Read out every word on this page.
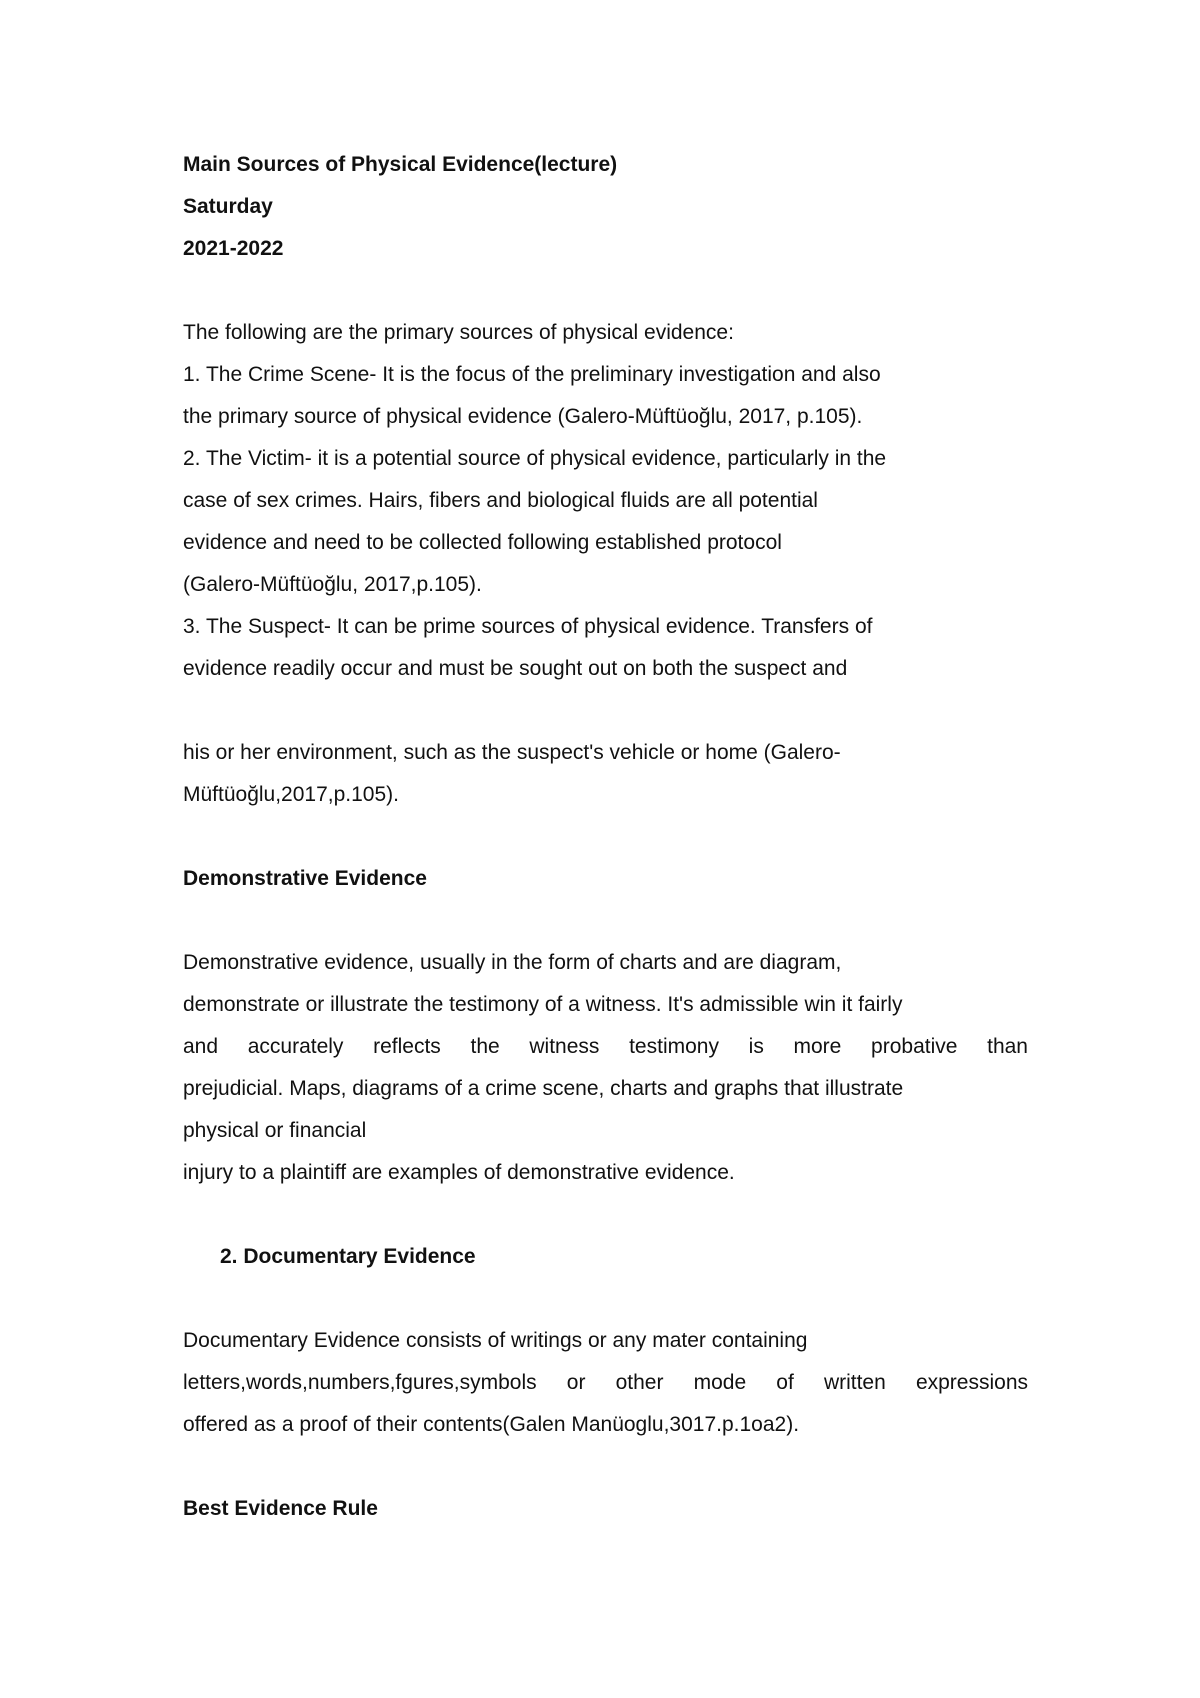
Main Sources of Physical Evidence(lecture)
Saturday
2021-2022
The following are the primary sources of physical evidence:
1. The Crime Scene- It is the focus of the preliminary investigation and also
the primary source of physical evidence (Galero-Müftüoğlu, 2017, p.105).
2. The Victim- it is a potential source of physical evidence, particularly in the
case of sex crimes. Hairs, fibers and biological fluids are all potential
evidence and need to be collected following established protocol
(Galero-Müftüoğlu, 2017,p.105).
3. The Suspect- It can be prime sources of physical evidence. Transfers of
evidence readily occur and must be sought out on both the suspect and
his or her environment, such as the suspect's vehicle or home (Galero-
Müftüoğlu,2017,p.105).
Demonstrative Evidence
Demonstrative evidence, usually in the form of charts and are diagram,
demonstrate or illustrate the testimony of a witness. It's admissible win it fairly
and accurately reflects the witness testimony is more probative than
prejudicial. Maps, diagrams of a crime scene, charts and graphs that illustrate
physical or financial
injury to a plaintiff are examples of demonstrative evidence.
2. Documentary Evidence
Documentary Evidence consists of writings or any mater containing
letters,words,numbers,fgures,symbols or other mode of written expressions
offered as a proof of their contents(Galen Manüoglu,3017.p.1oa2).
Best Evidence Rule
